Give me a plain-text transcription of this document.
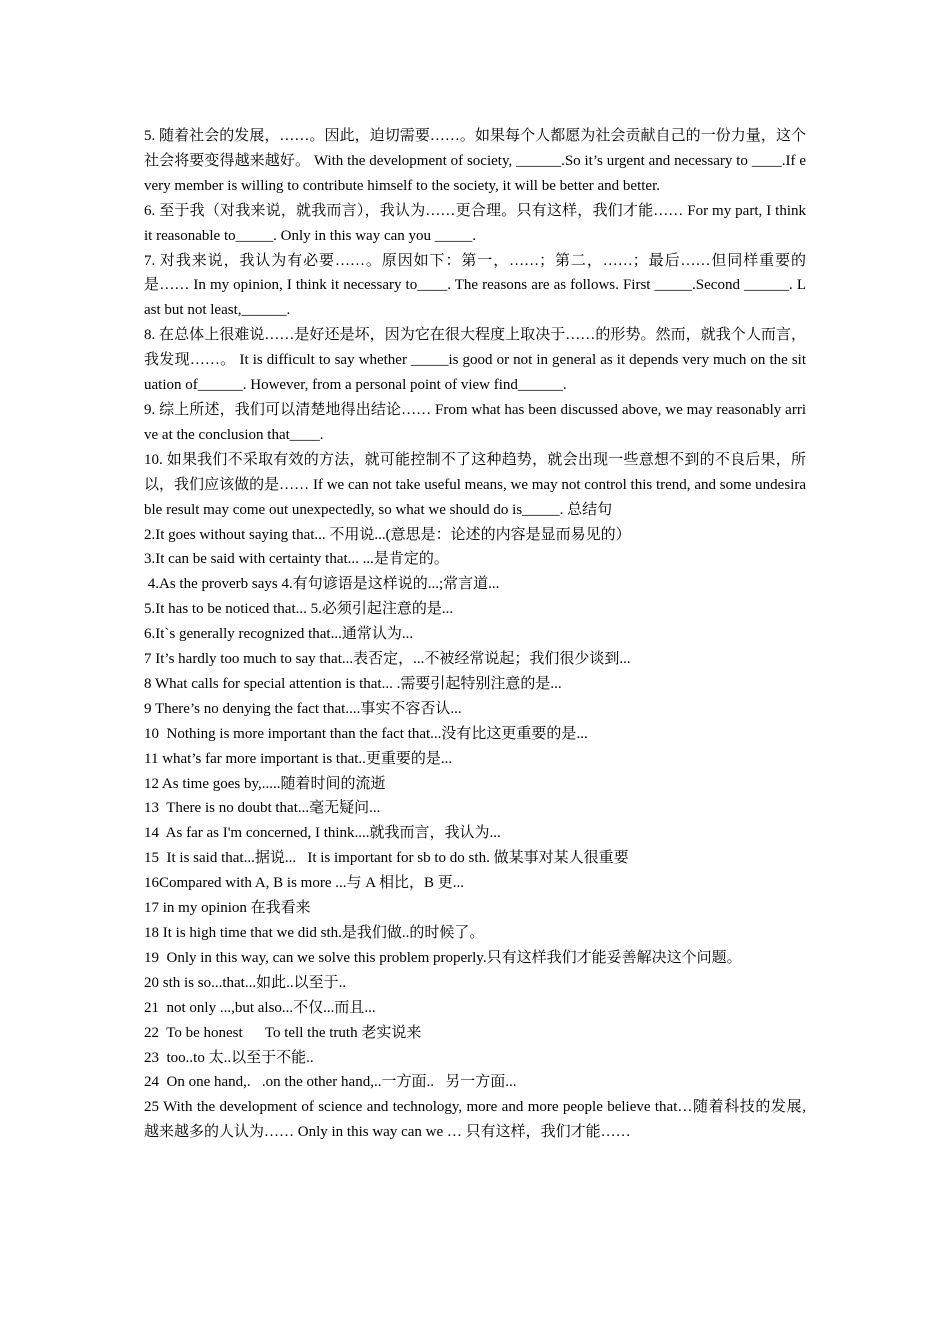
5. 随着社会的发展，……。因此，迫切需要……。如果每个人都愿为社会贡献自己的一份力量，这个社会将要变得越来越好。 With the development of society, ______.So it’s urgent and necessary to ____.If every member is willing to contribute himself to the society, it will be better and better.

6. 至于我（对我来说，就我而言），我认为……更合理。只有这样，我们才能…… For my part, I think it reasonable to_____. Only in this way can you _____.

7. 对我来说，我认为有必要……。原因如下：第一，……；第二，……；最后……但同样重要的是…… In my opinion, I think it necessary to____. The reasons are as follows. First _____.Second ______. Last but not least,______.

8. 在总体上很难说……是好还是坏，因为它在很大程度上取决于……的形势。然而，就我个人而言，我发现……。 It is difficult to say whether _____is good or not in general as it depends very much on the situation of______. However, from a personal point of view find______.

9. 综上所述，我们可以清楚地得出结论…… From what has been discussed above, we may reasonably arrive at the conclusion that____.

10. 如果我们不采取有效的方法，就可能控制不了这种趋势，就会出现一些意想不到的不良后果，所以，我们应该做的是…… If we can not take useful means, we may not control this trend, and some undesirable result may come out unexpectedly, so what we should do is_____. 总结句

2.It goes without saying that... 不用说...(意思是：论述的内容是显而易见的）
3.It can be said with certainty that... ...是肯定的。
4.As the proverb says 4.有句谚语是这样说的...;常言道...
5.It has to be noticed that... 5.必须引起注意的是...
6.It`s generally recognized that...通常认为...
7 It’s hardly too much to say that...表否定，...不被经常说起；我们很少谈到...
8 What calls for special attention is that... .需要引起特别注意的是...
9 There’s no denying the fact that....事实不容否认...
10  Nothing is more important than the fact that...没有比这更重要的是...
11 what’s far more important is that..更重要的是...
12 As time goes by,.....随着时间的流逝
13  There is no doubt that...毫无疑问...
14  As far as I'm concerned, I think....就我而言，我认为...
15  It is said that...据说...   It is important for sb to do sth. 做某事对某人很重要
16Compared with A, B is more ...与 A 相比，B 更...
17 in my opinion 在我看来
18 It is high time that we did sth.是我们做..的时候了。
19  Only in this way, can we solve this problem properly.只有这样我们才能妥善解决这个问题。
20 sth is so...that...如此..以至于..
21  not only ...,but also...不仅...而且...
22  To be honest      To tell the truth 老实说来
23  too..to 太..以至于不能..
24  On one hand,.   .on the other hand,..一方面..   另一方面...

25 With the development of science and technology, more and more people believe that…随着科技的发展,越来越多的人认为…… Only in this way can we … 只有这样，我们才能……
